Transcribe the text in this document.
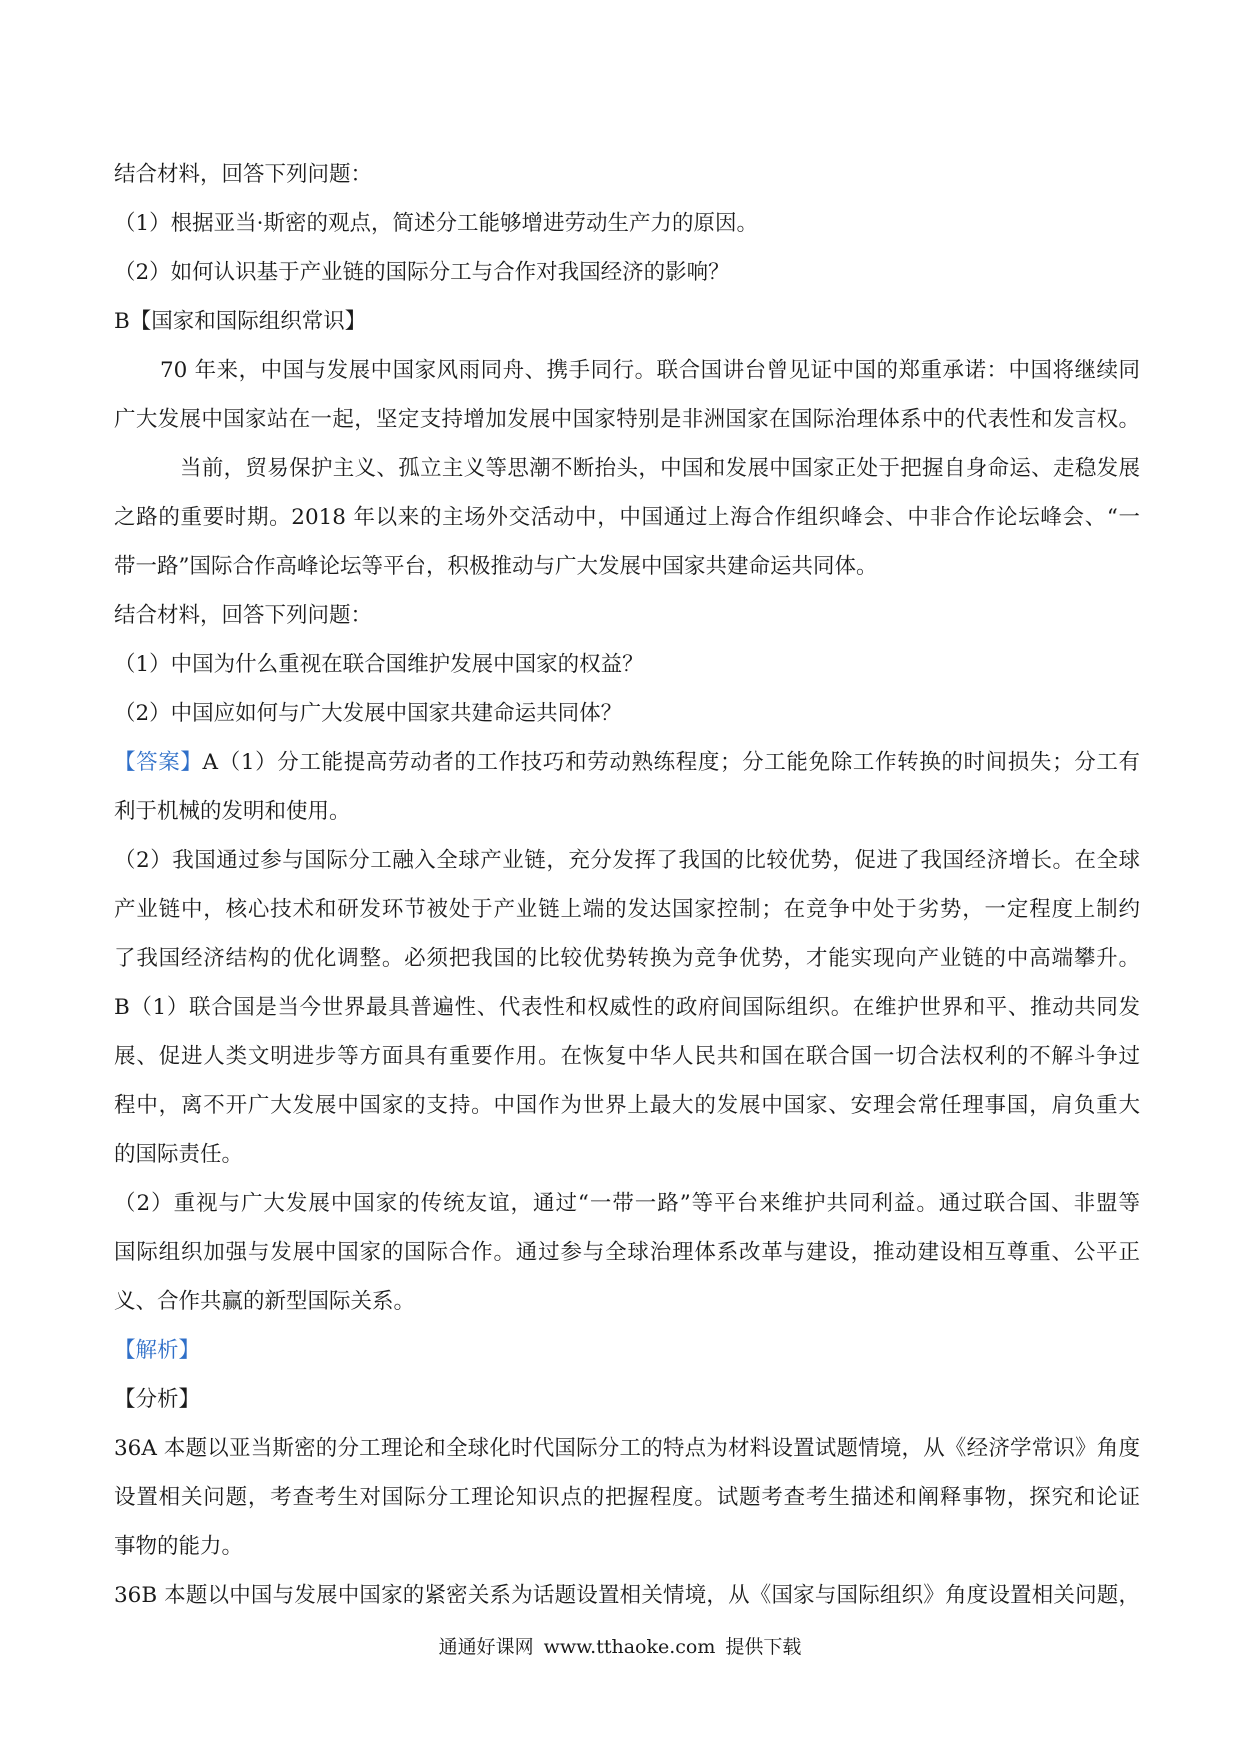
结合材料，回答下列问题：
（1）根据亚当·斯密的观点，简述分工能够增进劳动生产力的原因。
（2）如何认识基于产业链的国际分工与合作对我国经济的影响？
B【国家和国际组织常识】
70 年来，中国与发展中国家风雨同舟、携手同行。联合国讲台曾见证中国的郑重承诺：中国将继续同
广大发展中国家站在一起，坚定支持增加发展中国家特别是非洲国家在国际治理体系中的代表性和发言权。
当前，贸易保护主义、孤立主义等思潮不断抬头，中国和发展中国家正处于把握自身命运、走稳发展
之路的重要时期。2018 年以来的主场外交活动中，中国通过上海合作组织峰会、中非合作论坛峰会、“一
带一路”国际合作高峰论坛等平台，积极推动与广大发展中国家共建命运共同体。
结合材料，回答下列问题：
（1）中国为什么重视在联合国维护发展中国家的权益？
（2）中国应如何与广大发展中国家共建命运共同体？
【答案】A（1）分工能提高劳动者的工作技巧和劳动熟练程度；分工能免除工作转换的时间损失；分工有
利于机械的发明和使用。
（2）我国通过参与国际分工融入全球产业链，充分发挥了我国的比较优势，促进了我国经济增长。在全球
产业链中，核心技术和研发环节被处于产业链上端的发达国家控制；在竞争中处于劣势，一定程度上制约
了我国经济结构的优化调整。必须把我国的比较优势转换为竞争优势，才能实现向产业链的中高端攀升。
B（1）联合国是当今世界最具普遍性、代表性和权威性的政府间国际组织。在维护世界和平、推动共同发
展、促进人类文明进步等方面具有重要作用。在恢复中华人民共和国在联合国一切合法权利的不解斗争过
程中，离不开广大发展中国家的支持。中国作为世界上最大的发展中国家、安理会常任理事国，肩负重大
的国际责任。
（2）重视与广大发展中国家的传统友谊，通过“一带一路”等平台来维护共同利益。通过联合国、非盟等
国际组织加强与发展中国家的国际合作。通过参与全球治理体系改革与建设，推动建设相互尊重、公平正
义、合作共赢的新型国际关系。
【解析】
【分析】
36A 本题以亚当斯密的分工理论和全球化时代国际分工的特点为材料设置试题情境，从《经济学常识》角度
设置相关问题，考查考生对国际分工理论知识点的把握程度。试题考查考生描述和阐释事物，探究和论证
事物的能力。
36B 本题以中国与发展中国家的紧密关系为话题设置相关情境，从《国家与国际组织》角度设置相关问题，
通通好课网 www.tthaoke.com 提供下载
